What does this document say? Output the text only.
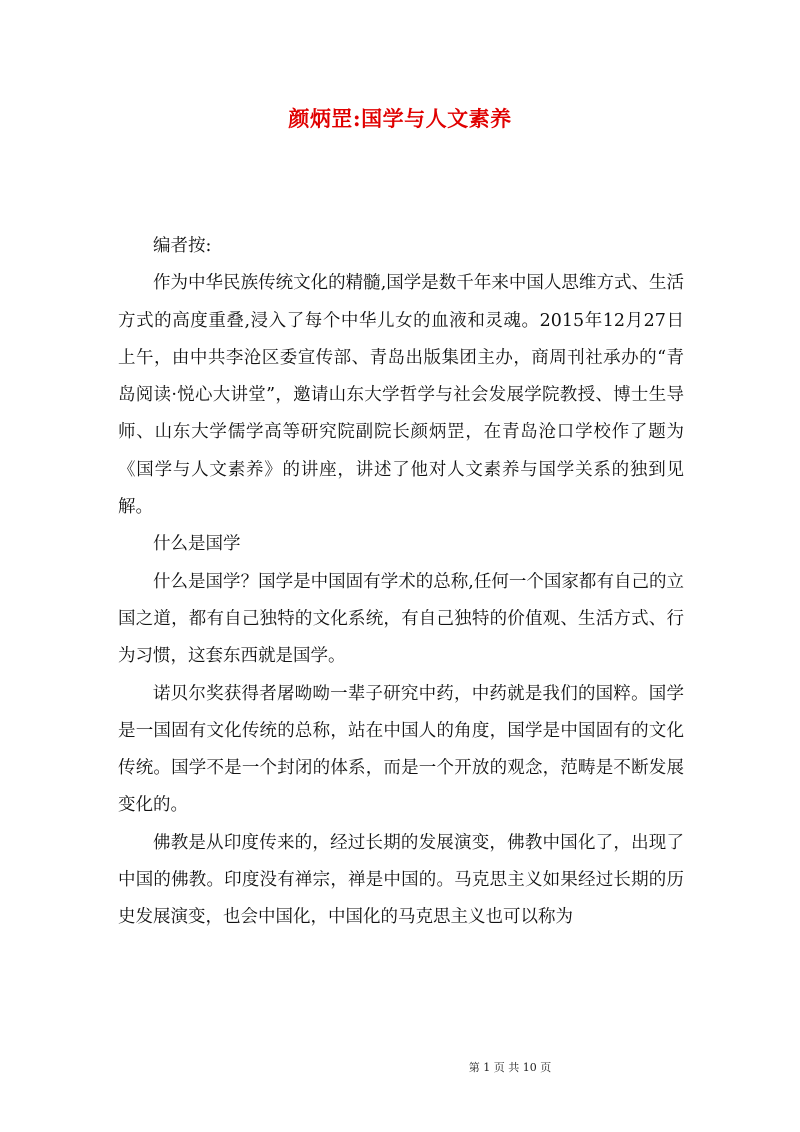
颜炳罡:国学与人文素养

编者按:

作为中华民族传统文化的精髓,国学是数千年来中国人思维方式、生活方式的高度重叠,浸入了每个中华儿女的血液和灵魂。2015年12月27日上午，由中共李沧区委宣传部、青岛出版集团主办，商周刊社承办的“青岛阅读·悦心大讲堂”，邀请山东大学哲学与社会发展学院教授、博士生导师、山东大学儒学高等研究院副院长颜炳罡，在青岛沧口学校作了题为《国学与人文素养》的讲座，讲述了他对人文素养与国学关系的独到见解。

什么是国学

什么是国学？国学是中国固有学术的总称,任何一个国家都有自己的立国之道，都有自己独特的文化系统，有自己独特的价值观、生活方式、行为习惯，这套东西就是国学。

诺贝尔奖获得者屠呦呦一辈子研究中药，中药就是我们的国粹。国学是一国固有文化传统的总称，站在中国人的角度，国学是中国固有的文化传统。国学不是一个封闭的体系，而是一个开放的观念，范畴是不断发展变化的。

佛教是从印度传来的，经过长期的发展演变，佛教中国化了，出现了中国的佛教。印度没有禅宗，禅是中国的。马克思主义如果经过长期的历史发展演变，也会中国化，中国化的马克思主义也可以称为

第 1 页 共 10 页
